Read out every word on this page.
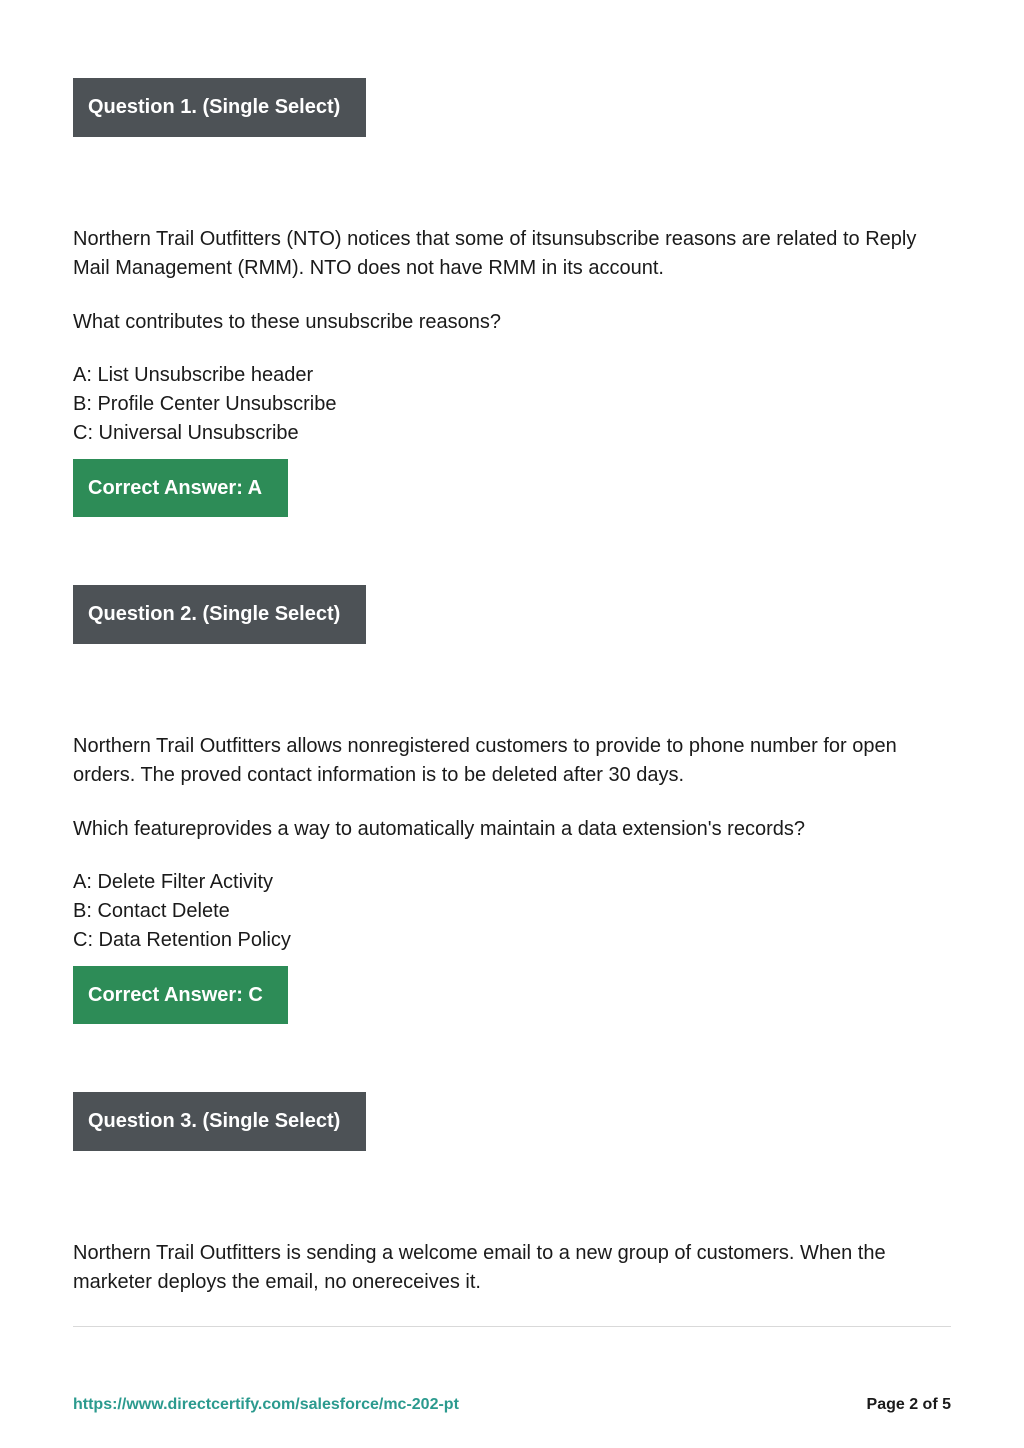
Question 1. (Single Select)

Northern Trail Outfitters (NTO) notices that some of itsunsubscribe reasons are related to Reply Mail Management (RMM). NTO does not have RMM in its account.

What contributes to these unsubscribe reasons?

A: List Unsubscribe header
B: Profile Center Unsubscribe
C: Universal Unsubscribe
Correct Answer: A
Question 2. (Single Select)

Northern Trail Outfitters allows nonregistered customers to provide to phone number for open orders. The proved contact information is to be deleted after 30 days.

Which featureprovides a way to automatically maintain a data extension's records?

A: Delete Filter Activity
B: Contact Delete
C: Data Retention Policy
Correct Answer: C
Question 3. (Single Select)

Northern Trail Outfitters is sending a welcome email to a new group of customers. When the marketer deploys the email, no onereceives it.

https://www.directcertify.com/salesforce/mc-202-pt	Page 2 of 5
